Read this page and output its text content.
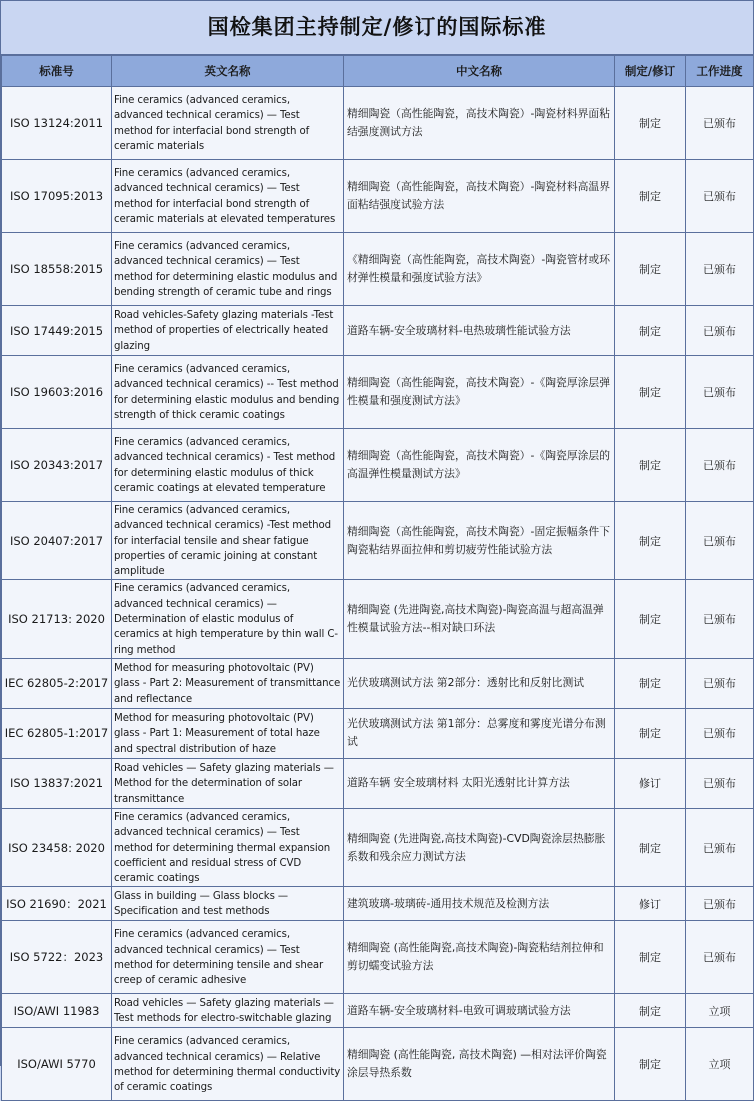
国检集团主持制定/修订的国际标准
标准号	英文名称	中文名称	制定/修订	工作进度
ISO 13124:2011	Fine ceramics (advanced ceramics, advanced technical ceramics) — Test method for interfacial bond strength of ceramic materials	精细陶瓷（高性能陶瓷，高技术陶瓷）-陶瓷材料界面粘结强度测试方法	制定	已颁布
ISO 17095:2013	Fine ceramics (advanced ceramics, advanced technical ceramics) — Test method for interfacial bond strength of ceramic materials at elevated temperatures	精细陶瓷（高性能陶瓷，高技术陶瓷）-陶瓷材料高温界面粘结强度试验方法	制定	已颁布
ISO 18558:2015	Fine ceramics (advanced ceramics, advanced technical ceramics) — Test method for determining elastic modulus and bending strength of ceramic tube and rings	《精细陶瓷（高性能陶瓷，高技术陶瓷）-陶瓷管材或环材弹性模量和强度试验方法》	制定	已颁布
ISO 17449:2015	Road vehicles-Safety glazing materials -Test method of properties of electrically heated glazing	道路车辆-安全玻璃材料-电热玻璃性能试验方法	制定	已颁布
ISO 19603:2016	Fine ceramics (advanced ceramics, advanced technical ceramics) -- Test method for determining elastic modulus and bending strength of thick ceramic coatings	精细陶瓷（高性能陶瓷，高技术陶瓷）-《陶瓷厚涂层弹性模量和强度测试方法》	制定	已颁布
ISO 20343:2017	Fine ceramics (advanced ceramics, advanced technical ceramics) - Test method for determining elastic modulus of thick ceramic coatings at elevated temperature	精细陶瓷（高性能陶瓷，高技术陶瓷）-《陶瓷厚涂层的高温弹性模量测试方法》	制定	已颁布
ISO 20407:2017	Fine ceramics (advanced ceramics, advanced technical ceramics) -Test method for interfacial tensile and shear fatigue properties of ceramic joining at constant amplitude	精细陶瓷（高性能陶瓷，高技术陶瓷）-固定振幅条件下陶瓷粘结界面拉伸和剪切疲劳性能试验方法	制定	已颁布
ISO 21713: 2020	Fine ceramics (advanced ceramics, advanced technical ceramics) — Determination of elastic modulus of ceramics at high temperature by thin wall C-ring method	精细陶瓷 (先进陶瓷,高技术陶瓷)-陶瓷高温与超高温弹性模量试验方法--相对缺口环法	制定	已颁布
IEC 62805-2:2017	Method for measuring photovoltaic (PV) glass - Part 2: Measurement of transmittance and reflectance	光伏玻璃测试方法 第2部分：透射比和反射比测试	制定	已颁布
IEC 62805-1:2017	Method for measuring photovoltaic (PV) glass - Part 1: Measurement of total haze and spectral distribution of haze	光伏玻璃测试方法 第1部分：总雾度和雾度光谱分布测试	制定	已颁布
ISO 13837:2021	Road vehicles — Safety glazing materials — Method for the determination of solar transmittance	道路车辆 安全玻璃材料 太阳光透射比计算方法	修订	已颁布
ISO 23458: 2020	Fine ceramics (advanced ceramics, advanced technical ceramics) — Test method for determining thermal expansion coefficient and residual stress of CVD ceramic coatings	精细陶瓷 (先进陶瓷,高技术陶瓷)-CVD陶瓷涂层热膨胀系数和残余应力测试方法	制定	已颁布
ISO 21690：2021	Glass in building — Glass blocks — Specification and test methods	建筑玻璃-玻璃砖-通用技术规范及检测方法	修订	已颁布
ISO 5722：2023	Fine ceramics (advanced ceramics, advanced technical ceramics) — Test method for determining tensile and shear creep of ceramic adhesive	精细陶瓷 (高性能陶瓷,高技术陶瓷)-陶瓷粘结剂拉伸和剪切蠕变试验方法	制定	已颁布
ISO/AWI 11983	Road vehicles — Safety glazing materials — Test methods for electro-switchable glazing	道路车辆-安全玻璃材料-电致可调玻璃试验方法	制定	立项
ISO/AWI 5770	Fine ceramics (advanced ceramics, advanced technical ceramics) — Relative method for determining thermal conductivity of ceramic coatings	精细陶瓷 (高性能陶瓷, 高技术陶瓷) —相对法评价陶瓷涂层导热系数	制定	立项
